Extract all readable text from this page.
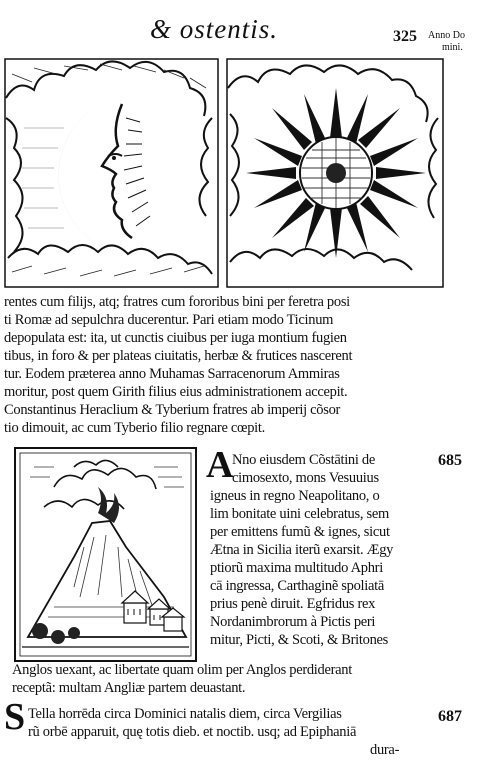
& ostentis.	325 Anno Do
mini.
rentes cum filijs, atq; fratres cum fororibus bini per feretra posi
ti Romæ ad sepulchra ducerentur. Pari etiam modo Ticinum
depopulata est: ita, ut cunctis ciuibus per iuga montium fugien
tibus, in foro & per plateas ciuitatis, herbæ & frutices nascerent
tur. Eodem præterea anno Muhamas Sarracenorum Ammiras
moritur, post quem Girith filius eius administrationem accepit.
Constantinus Heraclium & Tyberium fratres ab imperij cõsor
tio dimouit, ac cum Tyberio filio regnare cœpit.
A
Nno eiusdem Cõstātini de
cimosexto, mons Vesuuius
igneus in regno Neapolitano, o
lim bonitate uini celebratus, sem
per emittens fumũ & ignes, sicut
Ætna in Sicilia iterũ exarsit. Ægy
ptiorũ maxima multitudo Aphri
cā ingressa, Carthaginẽ spoliatā
prius penè diruit. Egfridus rex
Nordanimbrorum à Pictis peri
mitur, Picti, & Scoti, & Britones
Anglos uexant, ac libertate quam olim per Anglos perdiderant
receptã: multam Angliæ partem deuastant.
685
S Tella horrēda circa Dominici natalis diem, circa Vergilias
rũ orbē apparuit, quę totis dieb. et noctib. usq; ad Epiphaniā
dura-
687
